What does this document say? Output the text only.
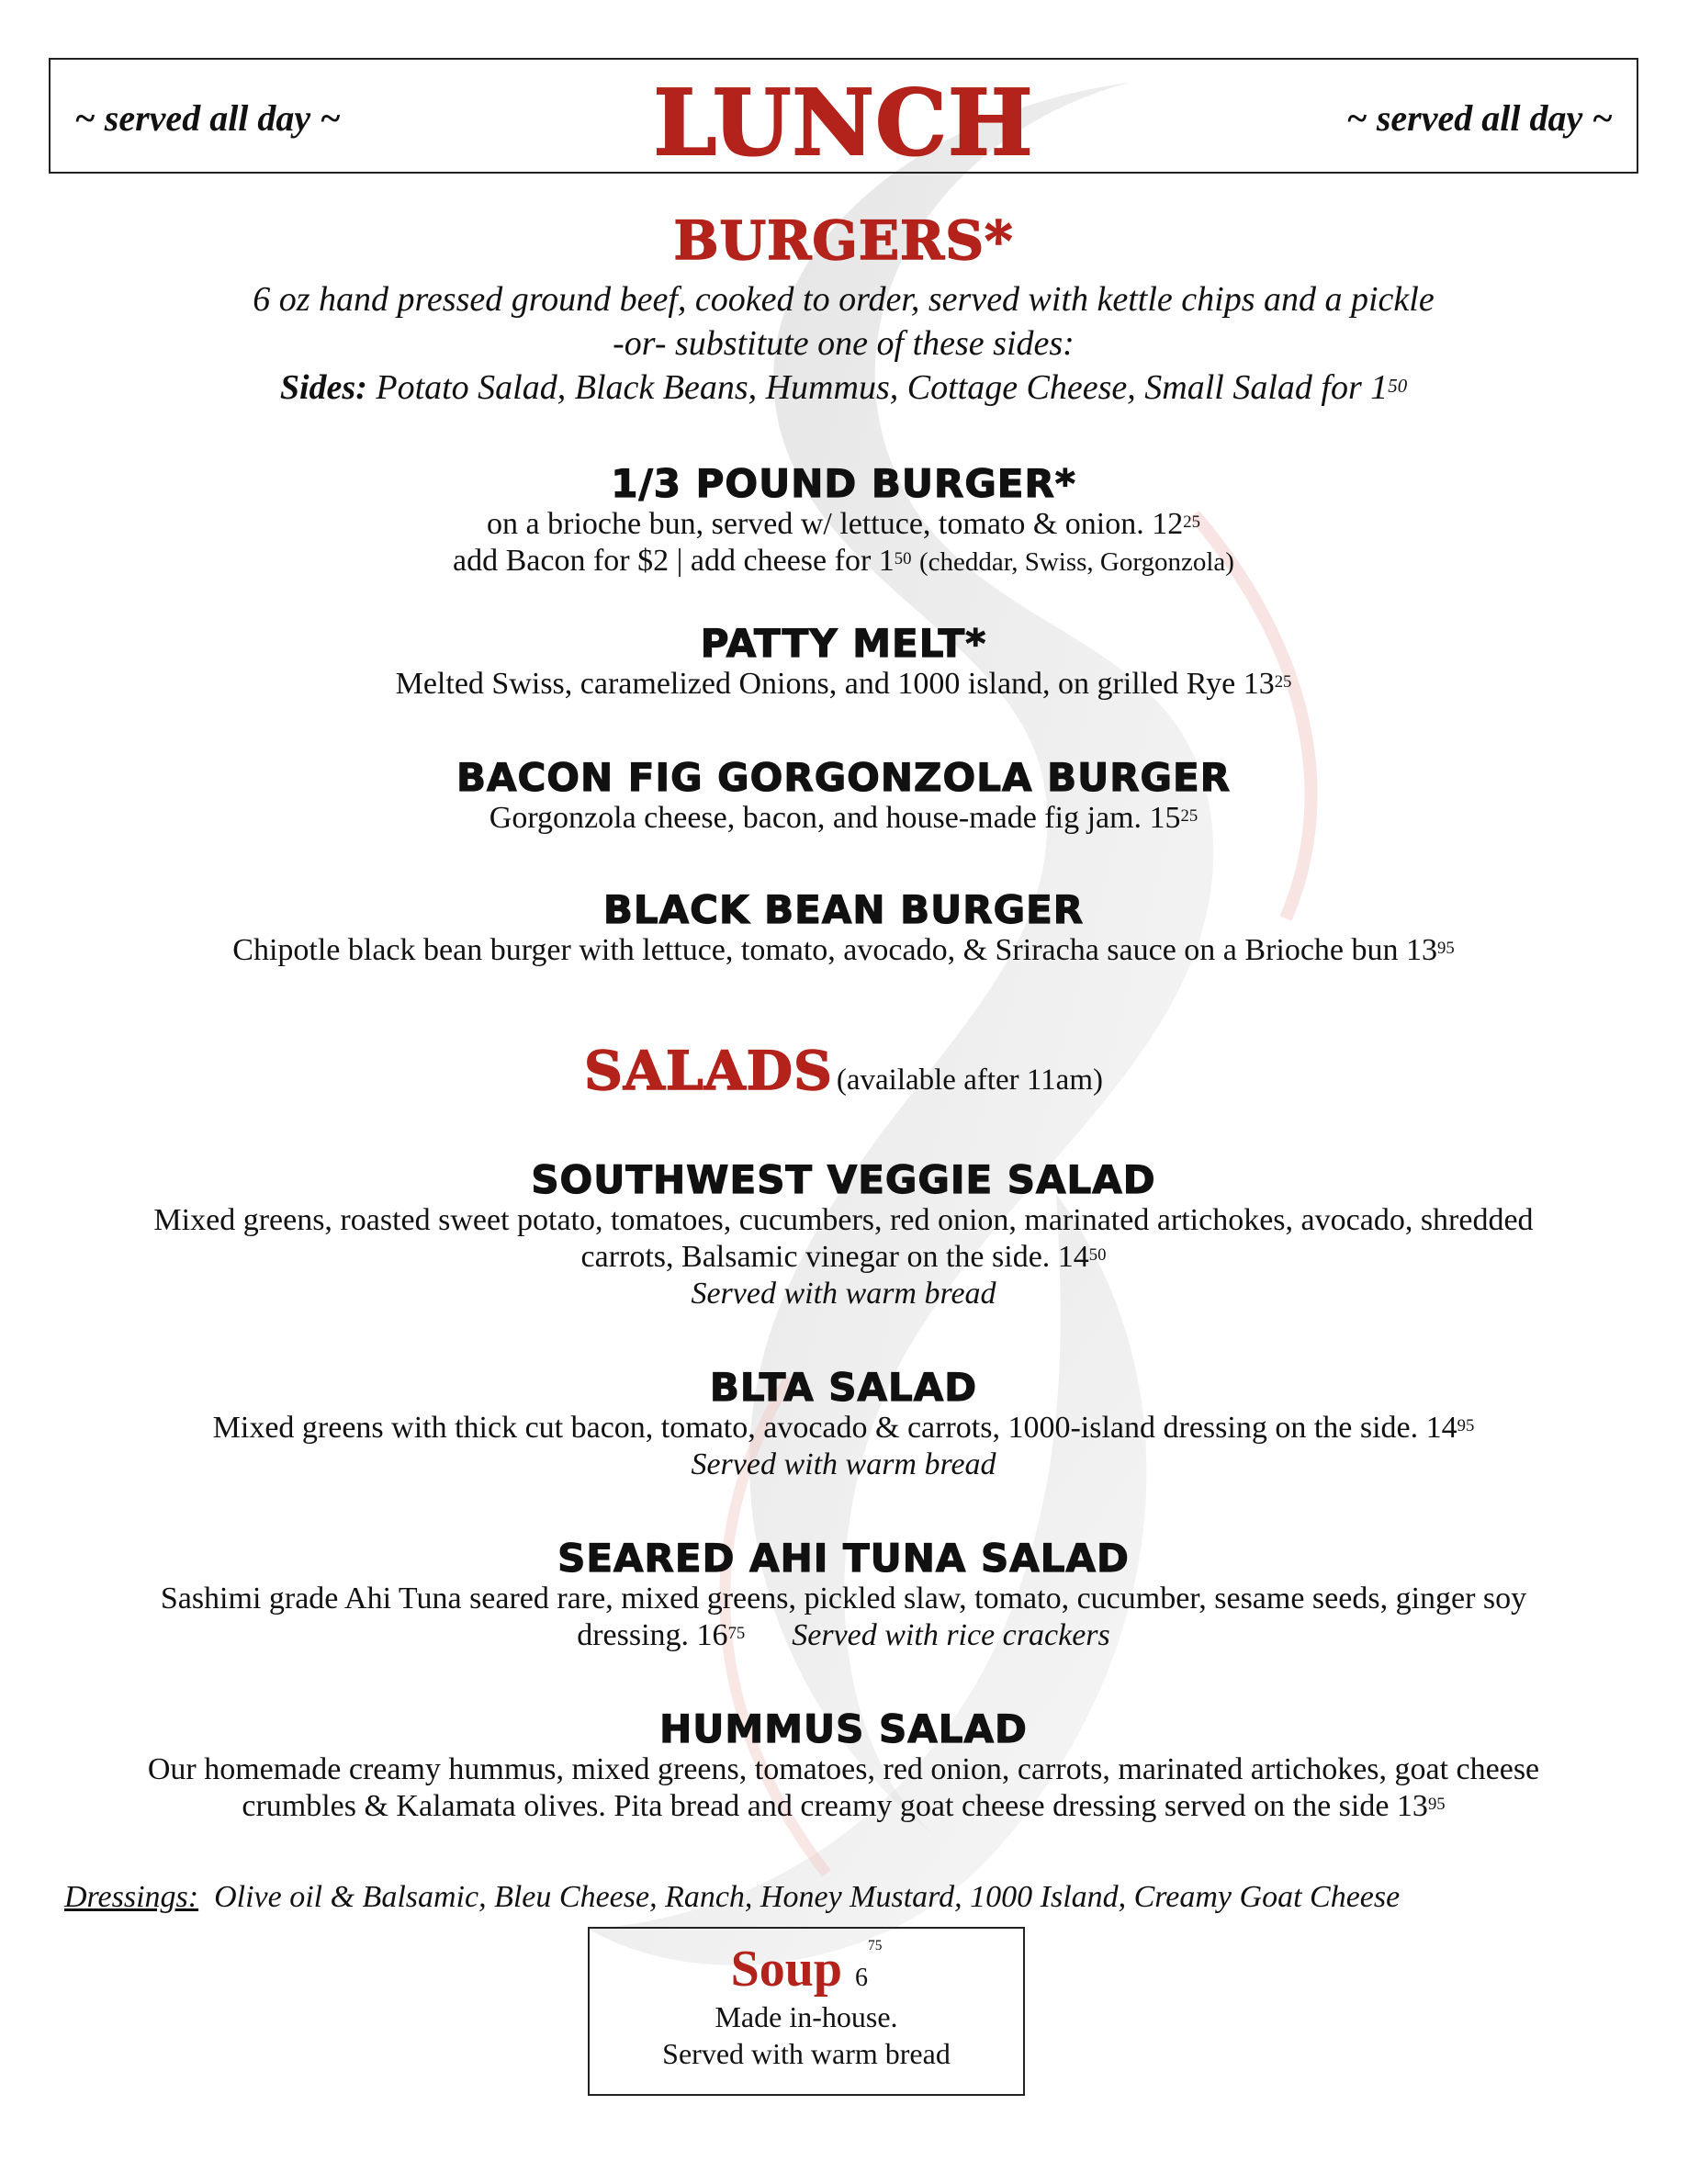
~ served all day ~	LUNCH	~ served all day ~
BURGERS*
6 oz hand pressed ground beef, cooked to order, served with kettle chips and a pickle
-or- substitute one of these sides:
Sides: Potato Salad, Black Beans, Hummus, Cottage Cheese, Small Salad for $1^{50}$
1/3 POUND BURGER*
on a brioche bun, served w/ lettuce, tomato & onion. $12^{25}$
add Bacon for $2 | add cheese for $1^{50}$ (cheddar, Swiss, Gorgonzola)
PATTY MELT*
Melted Swiss, caramelized Onions, and 1000 island, on grilled Rye $13^{25}$
BACON FIG GORGONZOLA BURGER
Gorgonzola cheese, bacon, and house-made fig jam. $15^{25}$
BLACK BEAN BURGER
Chipotle black bean burger with lettuce, tomato, avocado, & Sriracha sauce on a Brioche bun $13^{95}$
SALADS (available after 11am)
SOUTHWEST VEGGIE SALAD
Mixed greens, roasted sweet potato, tomatoes, cucumbers, red onion, marinated artichokes, avocado, shredded
carrots, Balsamic vinegar on the side. $14^{50}$
Served with warm bread
BLTA SALAD
Mixed greens with thick cut bacon, tomato, avocado & carrots, 1000-island dressing on the side. $14^{95}$
Served with warm bread
SEARED AHI TUNA SALAD
Sashimi grade Ahi Tuna seared rare, mixed greens, pickled slaw, tomato, cucumber, sesame seeds, ginger soy
dressing. $16^{75}$ Served with rice crackers
HUMMUS SALAD
Our homemade creamy hummus, mixed greens, tomatoes, red onion, carrots, marinated artichokes, goat cheese
crumbles & Kalamata olives. Pita bread and creamy goat cheese dressing served on the side $13^{95}$
Dressings: Olive oil & Balsamic, Bleu Cheese, Ranch, Honey Mustard, 1000 Island, Creamy Goat Cheese
Soup $6^{75}$
Made in-house.
Served with warm bread
